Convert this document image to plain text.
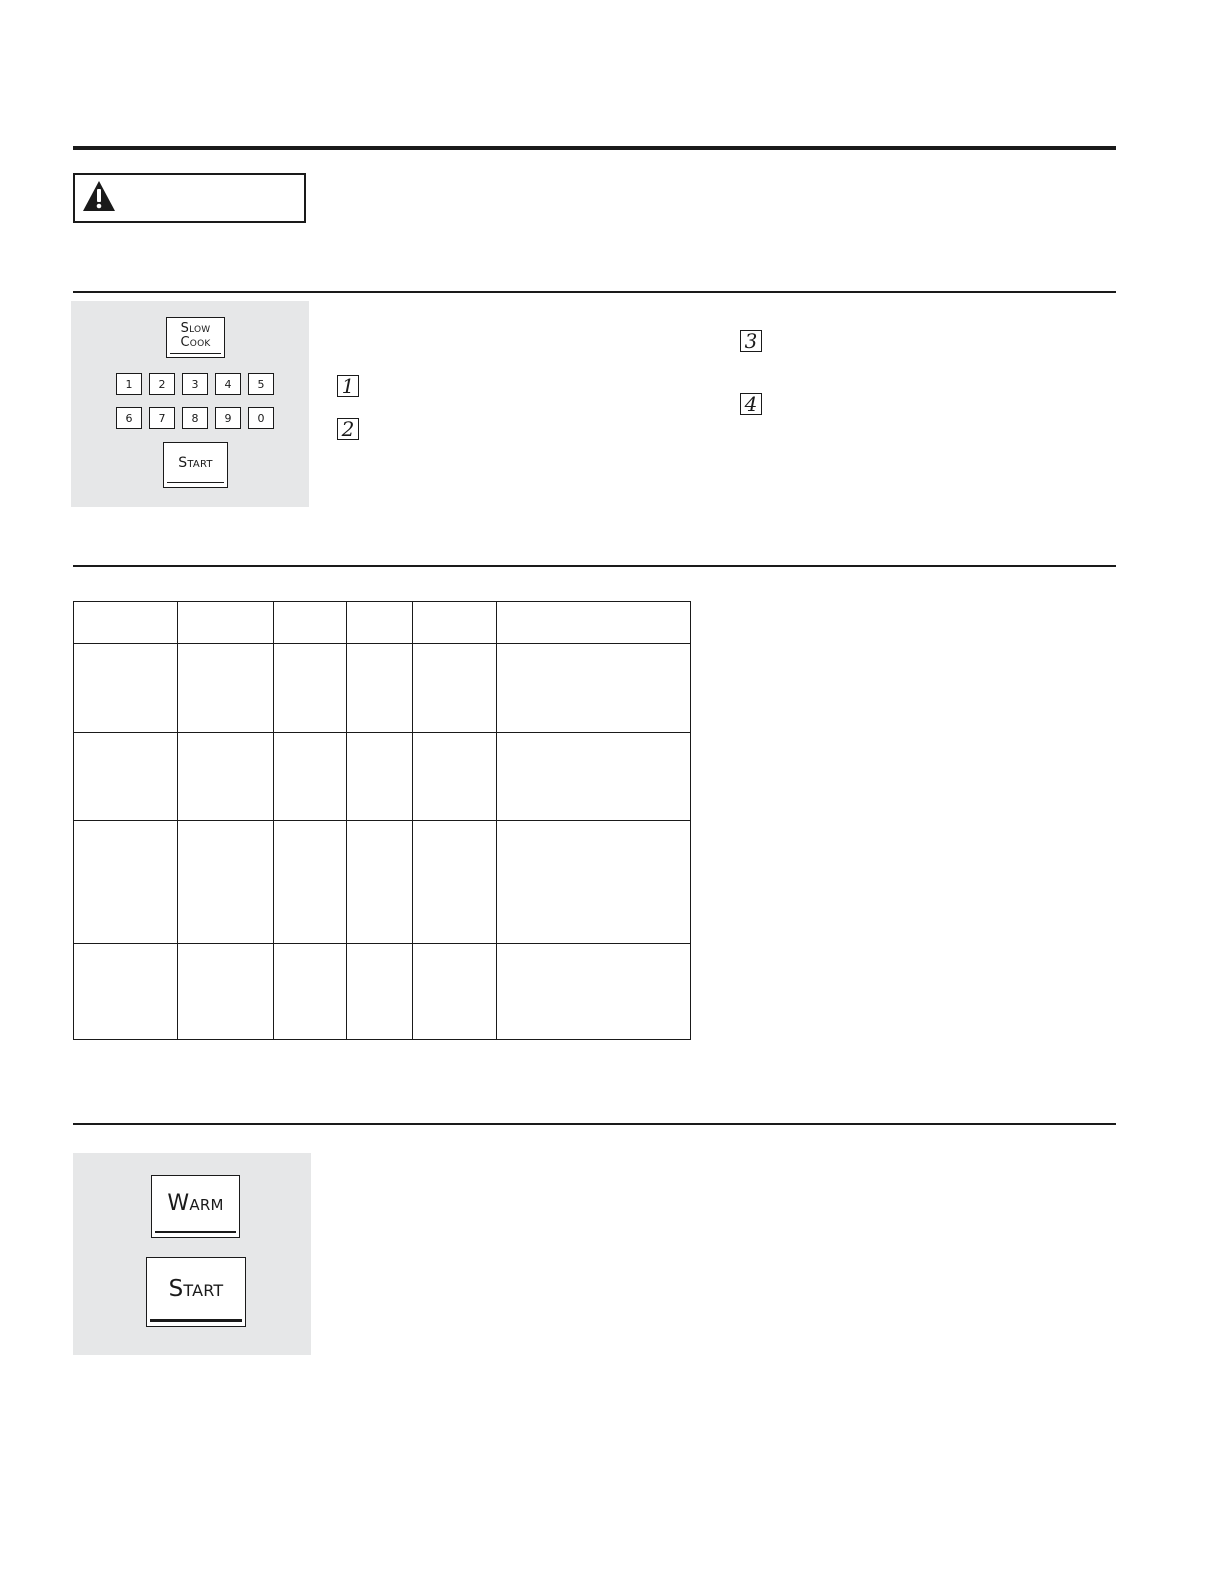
Slow
Cook
1	2	3	4	5
6	7	8	9	0
Start
1
2
3
4

Warm
Start
